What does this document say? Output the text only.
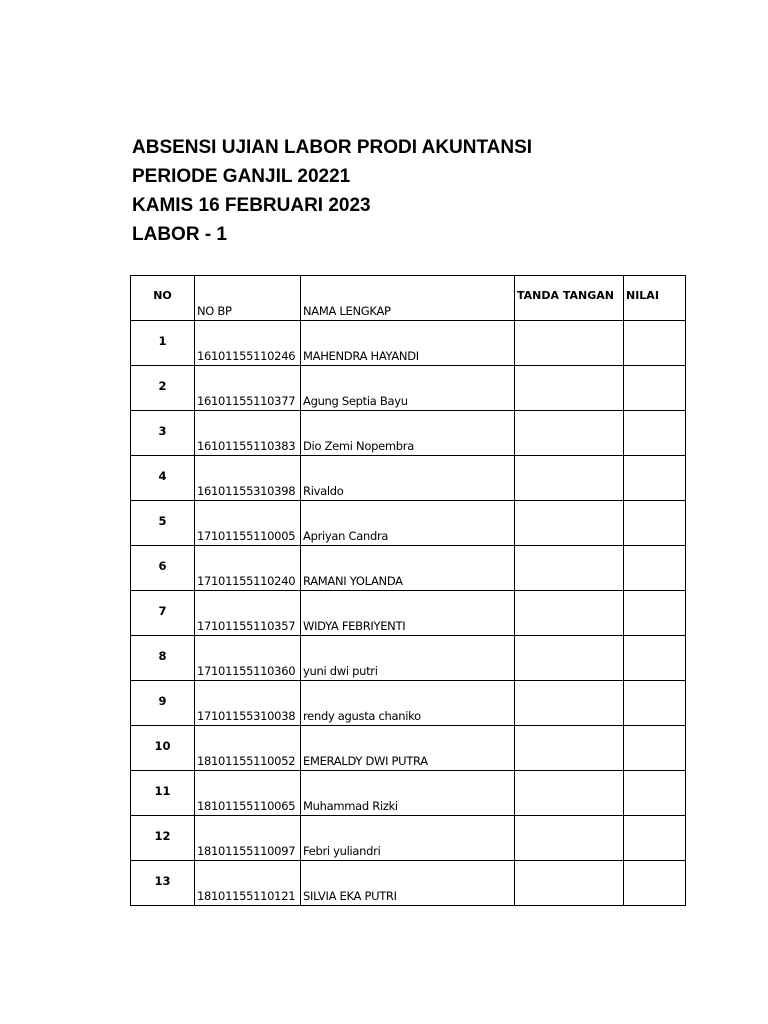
ABSENSI UJIAN LABOR PRODI AKUNTANSI
PERIODE GANJIL 20221
KAMIS 16 FEBRUARI 2023
LABOR - 1
NO	NO BP	NAMA LENGKAP	TANDA TANGAN	NILAI

1	16101155110246	MAHENDRA HAYANDI		

2	16101155110377	Agung Septia Bayu		

3	16101155110383	Dio Zemi Nopembra		

4	16101155310398	Rivaldo		

5	17101155110005	Apriyan Candra		

6	17101155110240	RAMANI YOLANDA		

7	17101155110357	WIDYA FEBRIYENTI		

8	17101155110360	yuni dwi putri		

9	17101155310038	rendy agusta chaniko		

10	18101155110052	EMERALDY DWI PUTRA		

11	18101155110065	Muhammad Rizki		

12	18101155110097	Febri yuliandri		

13	18101155110121	SILVIA EKA PUTRI		
